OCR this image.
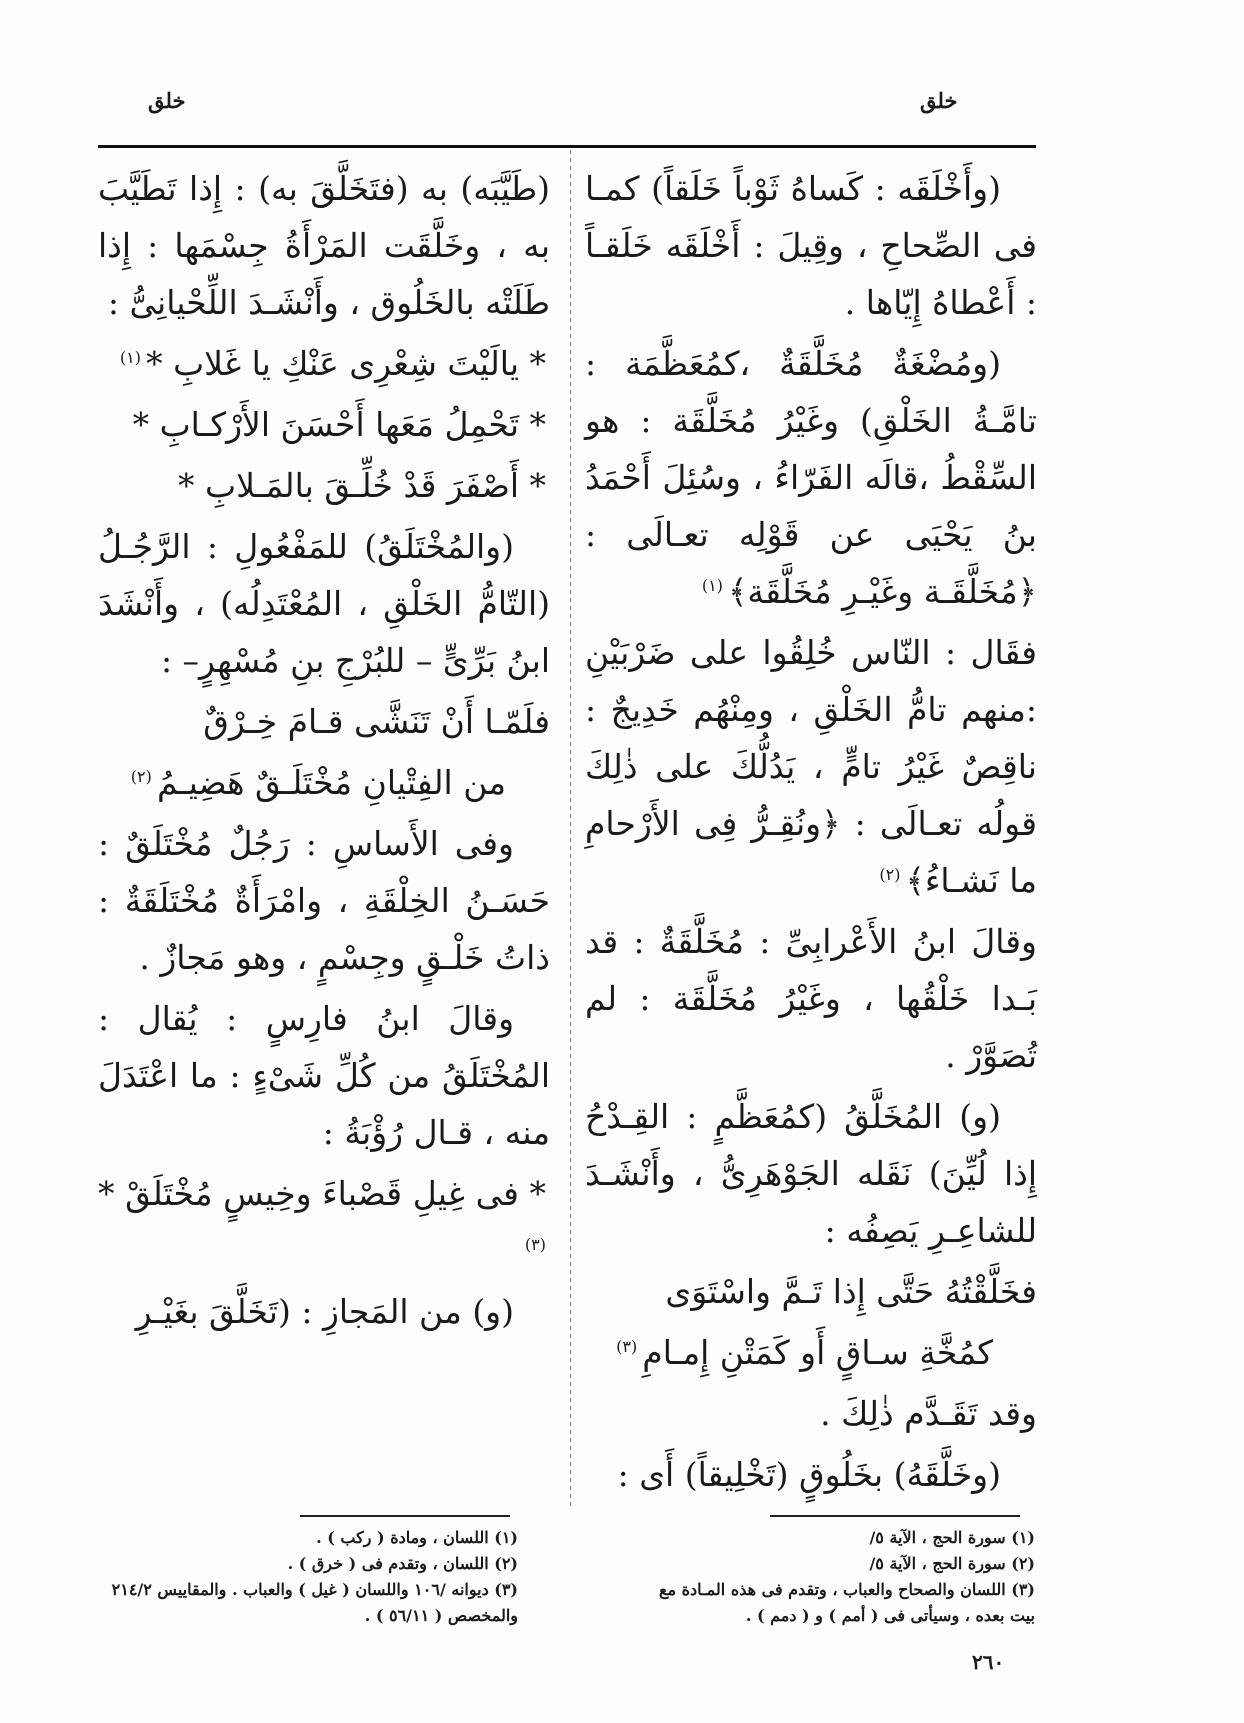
خلق
خلق

(وأَخْلَقَه : كَساهُ ثَوْباً خَلَقاً) كمـا فى الصِّحاحِ ، وقِيلَ : أَخْلَقَه خَلَقـاً : أَعْطاهُ إِيّاها .

(ومُضْغَةٌ مُخَلَّقَةٌ ،كمُعَظَّمَة : تامَّـةُ الخَلْقِ) وغَيْرُ مُخَلَّقَة : هو السِّقْطُ ،قالَه الفَرّاءُ ، وسُئِلَ أَحْمَدُ بنُ يَحْيَى عن قَوْلِه تعـالَى :﴿مُخَلَّقَـة وغَيْـرِ مُخَلَّقَة﴾ $^{(١)}$

فقَال : النّاس خُلِقُوا على ضَرْبَيْنِ :منهم تامُّ الخَلْقِ ، ومِنْهُم خَدِيجٌ : ناقِصٌ غَيْرُ تامٍّ ، يَدُلُّكَ على ذٰلِكَ قولُه تعـالَى : ﴿ونُقِـرُّ فِى الأَرْحامِ ما نَشـاءُ﴾ $^{(٢)}$

وقالَ ابنُ الأَعْرابِىِّ : مُخَلَّقَةٌ : قد بَـدا خَلْقُها ، وغَيْرُ مُخَلَّقَة : لم تُصَوَّرْ .

(و) المُخَلَّقُ (كمُعَظَّمٍ : القِـدْحُ إِذا لُيِّنَ) نَقَله الجَوْهَرِىُّ ، وأَنْشَـدَ للشاعِـرِ يَصِفُه :

فخَلَّقْتُهُ حَتَّى إِذا تَـمَّ واسْتَوَى

كمُخَّةِ سـاقٍ أَو كَمَتْنِ إِمـامِ $^{(٣)}$

وقد تَقَـدَّم ذٰلِكَ .

(وخَلَّقَهُ) بخَلُوقٍ (تَخْلِيقاً) أَى :

(طَيَّبَه) به (فتَخَلَّقَ به) : إِذا تَطَيَّبَ به ، وخَلَّقَت المَرْأَةُ جِسْمَها : إِذا طَلَتْه بالخَلُوق ، وأَنْشَـدَ اللِّحْيانِىُّ :

* يالَيْتَ شِعْرِى عَنْكِ يا غَلابِ * $^{(١)}$

* تَحْمِلُ مَعَها أَحْسَنَ الأَرْكـابِ *

* أَصْفَرَ قَدْ خُلِّـقَ بالمَـلابِ *

(والمُخْتَلَقُ) للمَفْعُولِ : الرَّجُـلُ (التّامُّ الخَلْقِ ، المُعْتَدِلُه) ، وأَنْشَدَ ابنُ بَرِّىٍّ – للبُرْجِ بنِ مُسْهِرٍ– :

فلَمّـا أَنْ تَنَشَّى قـامَ خِـرْقٌ

من الفِتْيانِ مُخْتَلَـقٌ هَضِيـمُ $^{(٢)}$

وفى الأَساسِ : رَجُلٌ مُخْتَلَقٌ : حَسَـنُ الخِلْقَةِ ، وامْرَأَةٌ مُخْتَلَقَةٌ : ذاتُ خَلْـقٍ وجِسْمٍ ، وهو مَجازٌ .

وقالَ ابنُ فارِسٍ : يُقال : المُخْتَلَقُ من كُلِّ شَىْءٍ : ما اعْتَدَلَ منه ، قـال رُؤْبَةُ :

* فى غِيلِ قَصْباءَ وخِيسٍ مُخْتَلَقْ * $^{(٣)}$

(و) من المَجازِ : (تَخَلَّقَ بغَيْـرِ

(١) سورة الحج ، الآية ٥/
(٢) سورة الحج ، الآية ٥/
(٣) اللسان والصحاح والعباب ، وتقدم فى هذه المـادة مع بيت بعده ، وسيأتى فى ( أمم ) و ( دمم ) .
(١) اللسان ، ومادة ( ركب ) .
(٢) اللسان ، وتقدم فى ( خرق ) .
(٣) ديوانه /١٠٦ واللسان ( غيل ) والعباب . والمقاييس ٢١٤/٢ والمخصص ( ٥٦/١١ ) .
٢٦٠
